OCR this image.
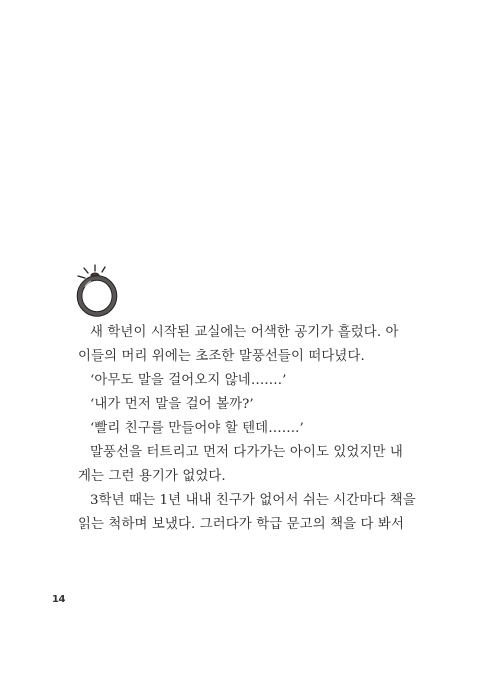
새 학년이 시작된 교실에는 어색한 공기가 흘렀다. 아
이들의 머리 위에는 초조한 말풍선들이 떠다녔다.
‘아무도 말을 걸어오지 않네…….’
‘내가 먼저 말을 걸어 볼까?’
‘빨리 친구를 만들어야 할 텐데…….’
말풍선을 터트리고 먼저 다가가는 아이도 있었지만 내
게는 그런 용기가 없었다.
3학년 때는 1년 내내 친구가 없어서 쉬는 시간마다 책을
읽는 척하며 보냈다. 그러다가 학급 문고의 책을 다 봐서
14
